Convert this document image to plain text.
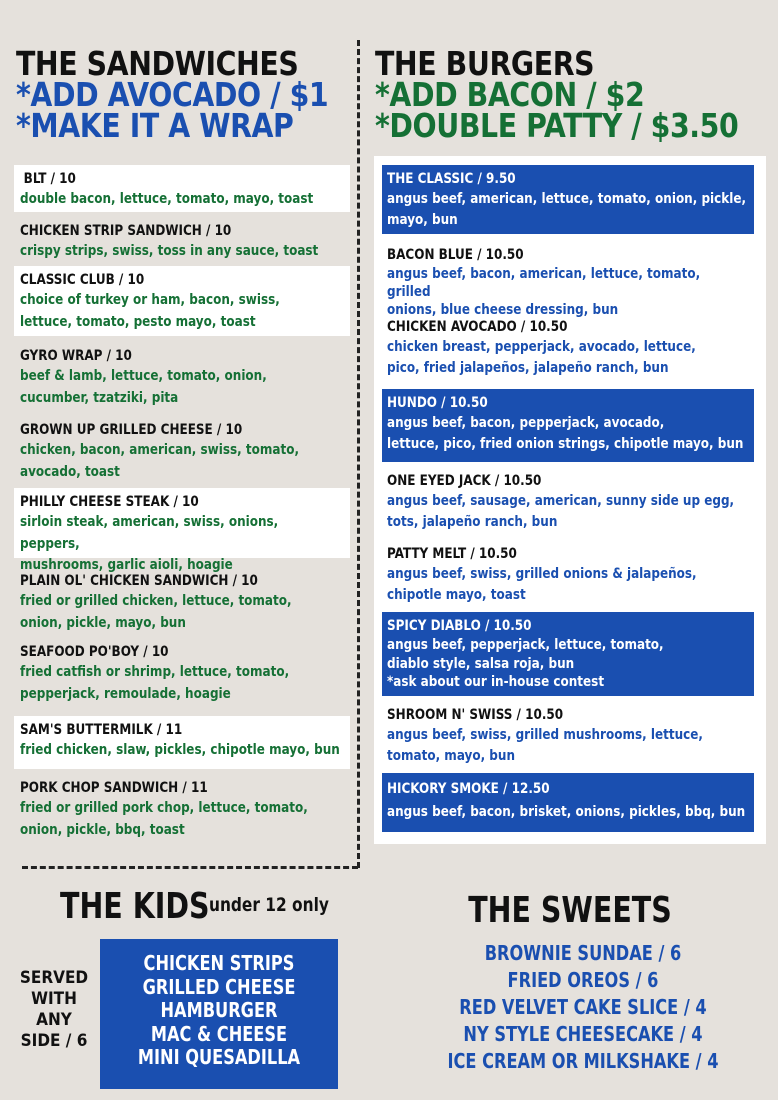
THE SANDWICHES
*ADD AVOCADO / $1
*MAKE IT A WRAP
THE BURGERS
*ADD BACON / $2
*DOUBLE PATTY / $3.50
BLT / 10
double bacon, lettuce, tomato, mayo, toast
CHICKEN STRIP SANDWICH / 10
crispy strips, swiss, toss in any sauce, toast
CLASSIC CLUB / 10
choice of turkey or ham, bacon, swiss,
lettuce, tomato, pesto mayo, toast
GYRO WRAP / 10
beef & lamb, lettuce, tomato, onion,
cucumber, tzatziki, pita
GROWN UP GRILLED CHEESE / 10
chicken, bacon, american, swiss, tomato,
avocado, toast
PHILLY CHEESE STEAK / 10
sirloin steak, american, swiss, onions, peppers,
mushrooms, garlic aioli, hoagie
PLAIN OL' CHICKEN SANDWICH / 10
fried or grilled chicken, lettuce, tomato,
onion, pickle, mayo, bun
SEAFOOD PO'BOY / 10
fried catfish or shrimp, lettuce, tomato,
pepperjack, remoulade, hoagie
SAM'S BUTTERMILK / 11
fried chicken, slaw, pickles, chipotle mayo, bun
PORK CHOP SANDWICH / 11
fried or grilled pork chop, lettuce, tomato,
onion, pickle, bbq, toast
THE CLASSIC / 9.50
angus beef, american, lettuce, tomato, onion, pickle,
mayo, bun
BACON BLUE / 10.50
angus beef, bacon, american, lettuce, tomato, grilled
onions, blue cheese dressing, bun
CHICKEN AVOCADO / 10.50
chicken breast, pepperjack, avocado, lettuce,
pico, fried jalapeños, jalapeño ranch, bun
HUNDO / 10.50
angus beef, bacon, pepperjack, avocado,
lettuce, pico, fried onion strings, chipotle mayo, bun
ONE EYED JACK / 10.50
angus beef, sausage, american, sunny side up egg,
tots, jalapeño ranch, bun
PATTY MELT / 10.50
angus beef, swiss, grilled onions & jalapeños,
chipotle mayo, toast
SPICY DIABLO / 10.50
angus beef, pepperjack, lettuce, tomato,
diablo style, salsa roja, bun
*ask about our in-house contest
SHROOM N' SWISS / 10.50
angus beef, swiss, grilled mushrooms, lettuce,
tomato, mayo, bun
HICKORY SMOKE / 12.50
angus beef, bacon, brisket, onions, pickles, bbq, bun
THE KIDS under 12 only
SERVED
WITH
ANY
SIDE / 6
CHICKEN STRIPS
GRILLED CHEESE
HAMBURGER
MAC & CHEESE
MINI QUESADILLA
THE SWEETS
BROWNIE SUNDAE / 6
FRIED OREOS / 6
RED VELVET CAKE SLICE / 4
NY STYLE CHEESECAKE / 4
ICE CREAM OR MILKSHAKE / 4
